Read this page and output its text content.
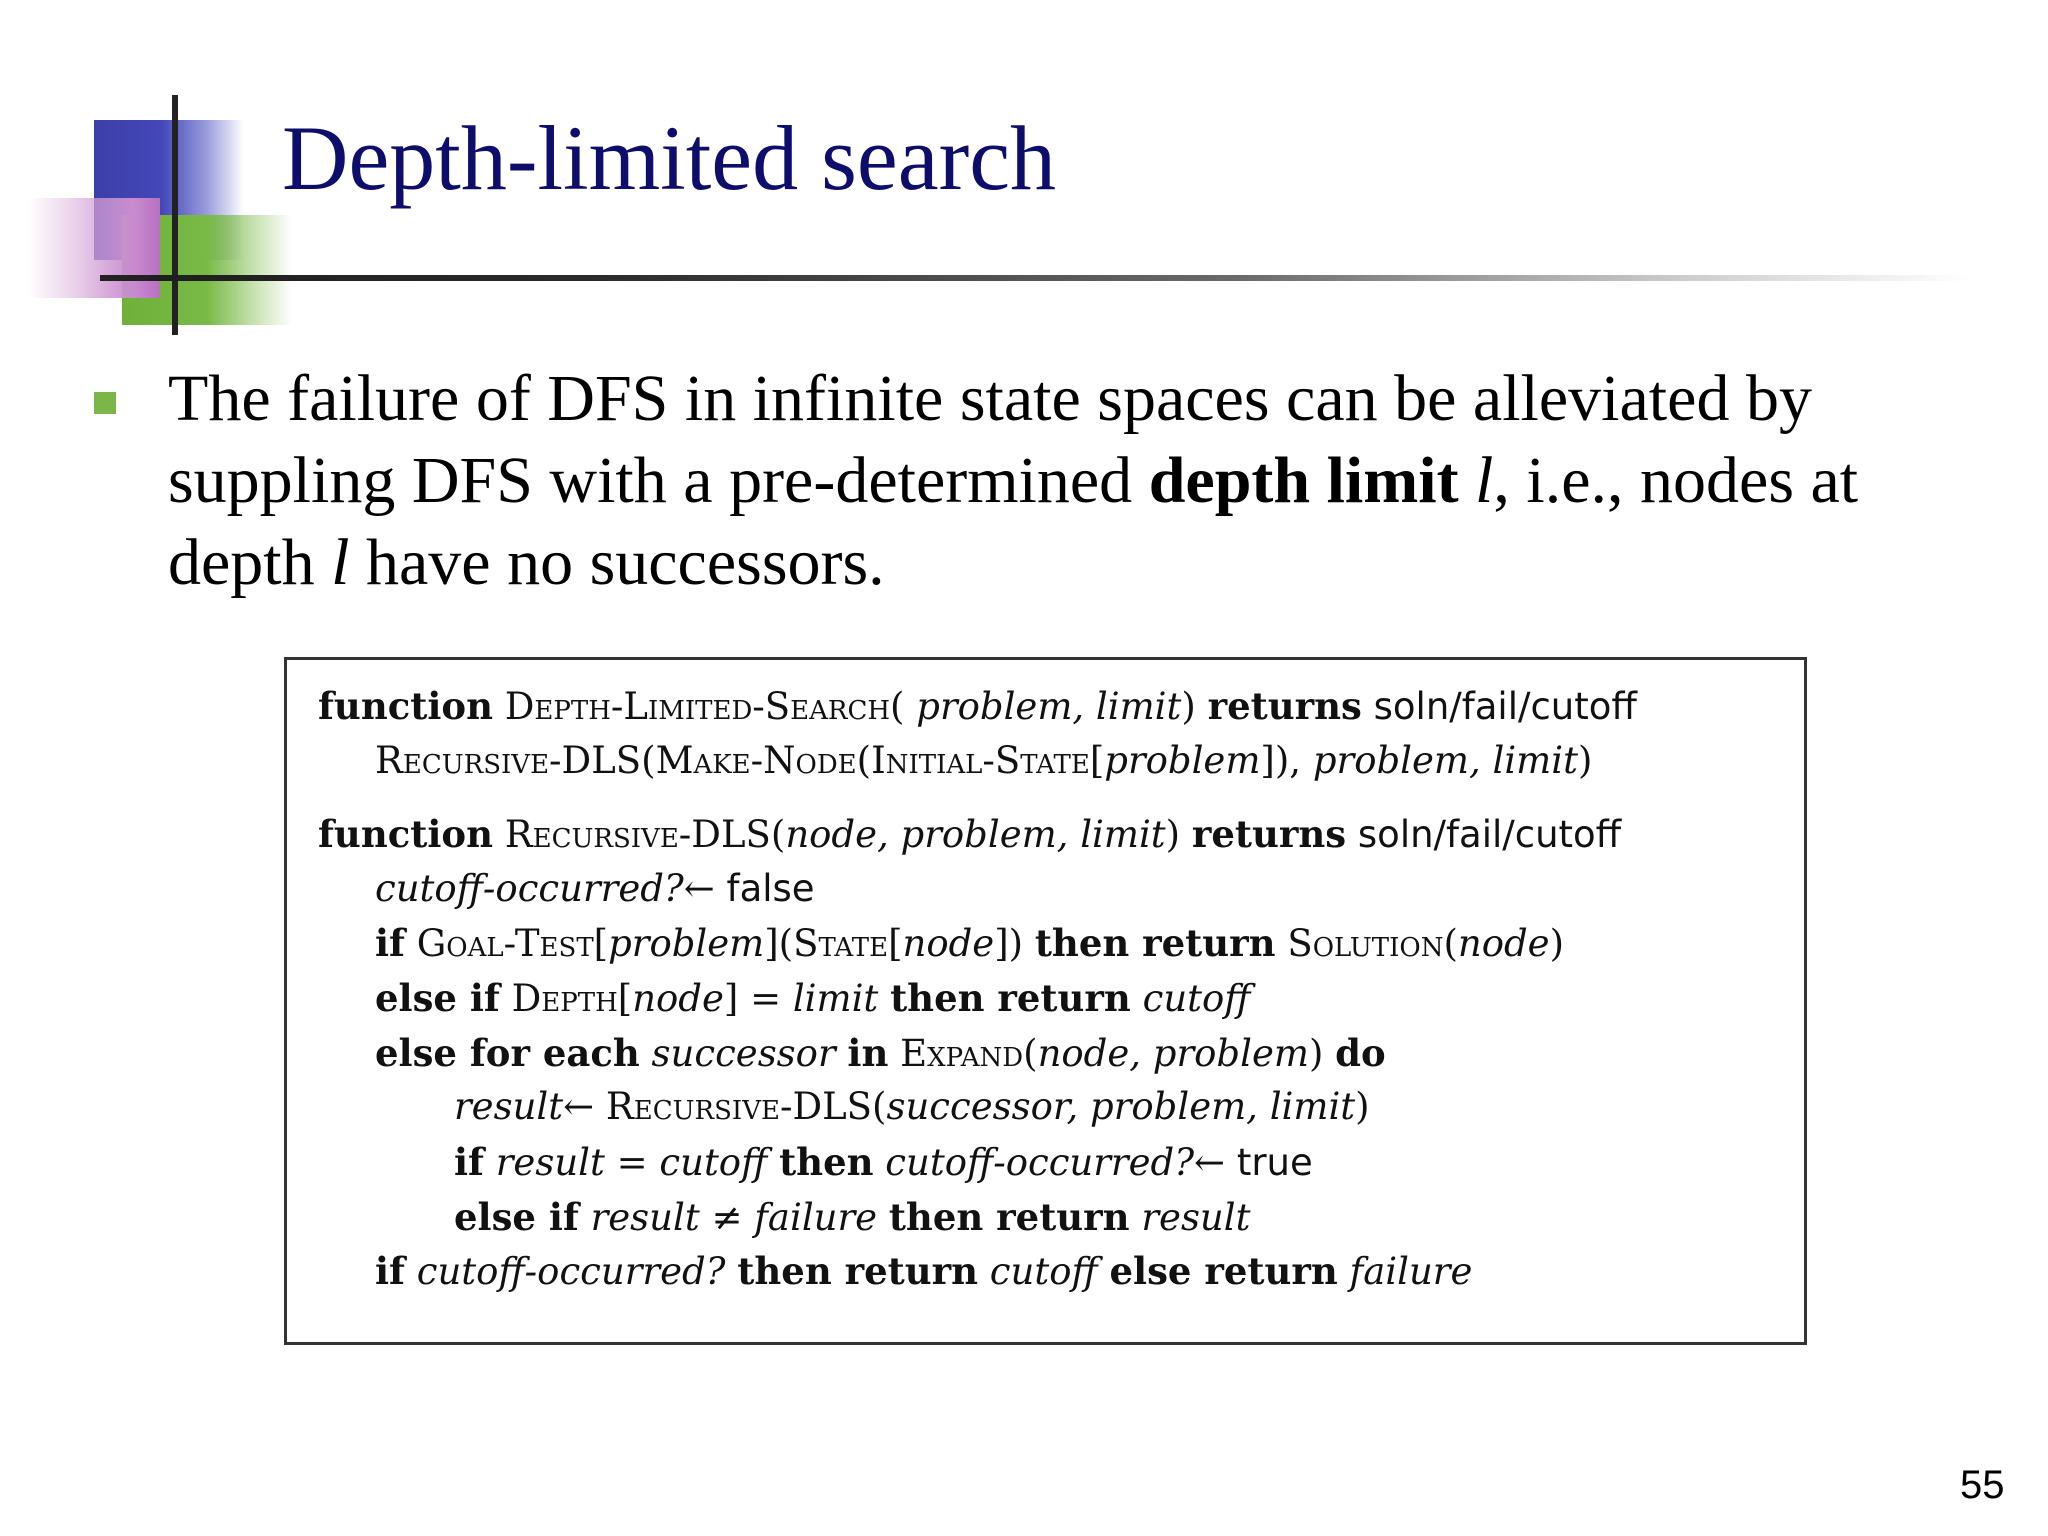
Depth-limited search

The failure of DFS in infinite state spaces can be alleviated by suppling DFS with a pre-determined depth limit l, i.e., nodes at depth l have no successors.

function Depth-Limited-Search( problem, limit) returns soln/fail/cutoff
Recursive-DLS(Make-Node(Initial-State[problem]), problem, limit)
function Recursive-DLS(node, problem, limit) returns soln/fail/cutoff
cutoff-occurred?← false
if Goal-Test[problem](State[node]) then return Solution(node)
else if Depth[node] = limit then return cutoff
else for each successor in Expand(node, problem) do
result← Recursive-DLS(successor, problem, limit)
if result = cutoff then cutoff-occurred?← true
else if result ≠ failure then return result
if cutoff-occurred? then return cutoff else return failure
55
